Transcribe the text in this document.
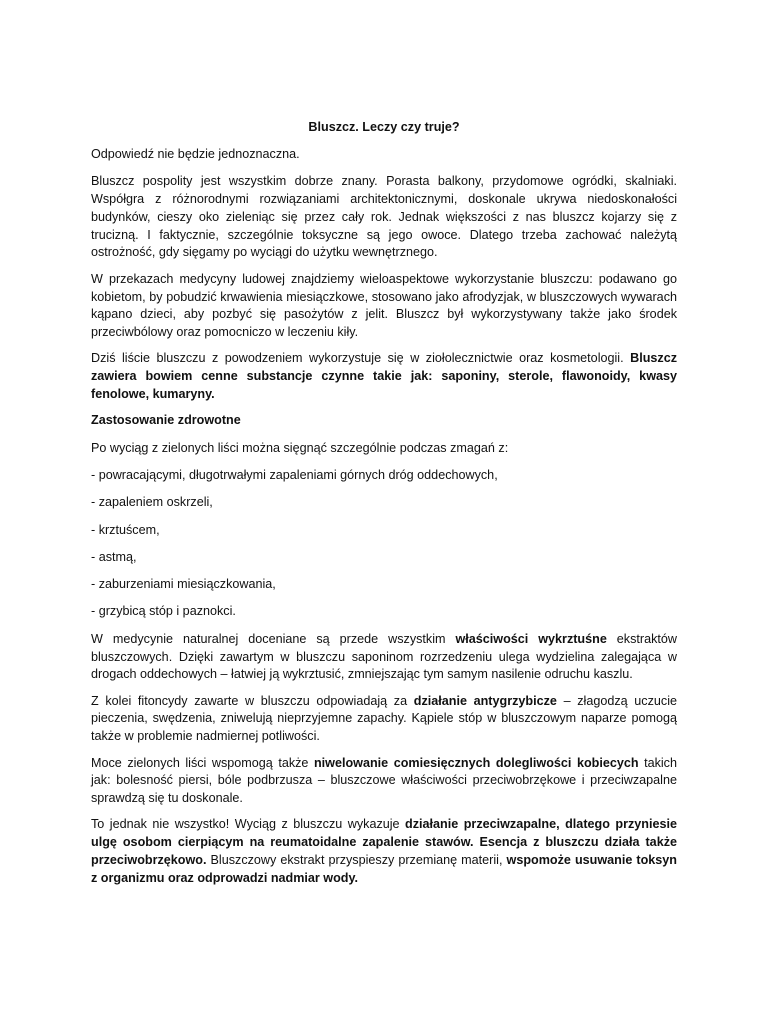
Bluszcz. Leczy czy truje?

Odpowiedź nie będzie jednoznaczna.

Bluszcz pospolity jest wszystkim dobrze znany. Porasta balkony, przydomowe ogródki, skalniaki. Współgra z różnorodnymi rozwiązaniami architektonicznymi, doskonale ukrywa niedoskonałości budynków, cieszy oko zieleniąc się przez cały rok. Jednak większości z nas bluszcz kojarzy się z trucizną. I faktycznie, szczególnie toksyczne są jego owoce. Dlatego trzeba zachować należytą ostrożność, gdy sięgamy po wyciągi do użytku wewnętrznego.

W przekazach medycyny ludowej znajdziemy wieloaspektowe wykorzystanie bluszczu: podawano go kobietom, by pobudzić krwawienia miesiączkowe, stosowano jako afrodyzjak, w bluszczowych wywarach kąpano dzieci, aby pozbyć się pasożytów z jelit. Bluszcz był wykorzystywany także jako środek przeciwbólowy oraz pomocniczo w leczeniu kiły.

Dziś liście bluszczu z powodzeniem wykorzystuje się w ziołolecznictwie oraz kosmetologii. Bluszcz zawiera bowiem cenne substancje czynne takie jak: saponiny, sterole, flawonoidy, kwasy fenolowe, kumaryny.

Zastosowanie zdrowotne

Po wyciąg z zielonych liści można sięgnąć szczególnie podczas zmagań z:

- powracającymi, długotrwałymi zapaleniami górnych dróg oddechowych,

- zapaleniem oskrzeli,

- krztuścem,

- astmą,

- zaburzeniami miesiączkowania,

- grzybicą stóp i paznokci.

W medycynie naturalnej doceniane są przede wszystkim właściwości wykrztuśne ekstraktów bluszczowych. Dzięki zawartym w bluszczu saponinom rozrzedzeniu ulega wydzielina zalegająca w drogach oddechowych – łatwiej ją wykrztusić, zmniejszając tym samym nasilenie odruchu kaszlu.

Z kolei fitoncydy zawarte w bluszczu odpowiadają za działanie antygrzybicze – złagodzą uczucie pieczenia, swędzenia, zniwelują nieprzyjemne zapachy. Kąpiele stóp w bluszczowym naparze pomogą także w problemie nadmiernej potliwości.

Moce zielonych liści wspomogą także niwelowanie comiesięcznych dolegliwości kobiecych takich jak: bolesność piersi, bóle podbrzusza – bluszczowe właściwości przeciwobrzękowe i przeciwzapalne sprawdzą się tu doskonale.

To jednak nie wszystko! Wyciąg z bluszczu wykazuje działanie przeciwzapalne, dlatego przyniesie ulgę osobom cierpiącym na reumatoidalne zapalenie stawów. Esencja z bluszczu działa także przeciwobrzękowo. Bluszczowy ekstrakt przyspieszy przemianę materii, wspomoże usuwanie toksyn z organizmu oraz odprowadzi nadmiar wody.
